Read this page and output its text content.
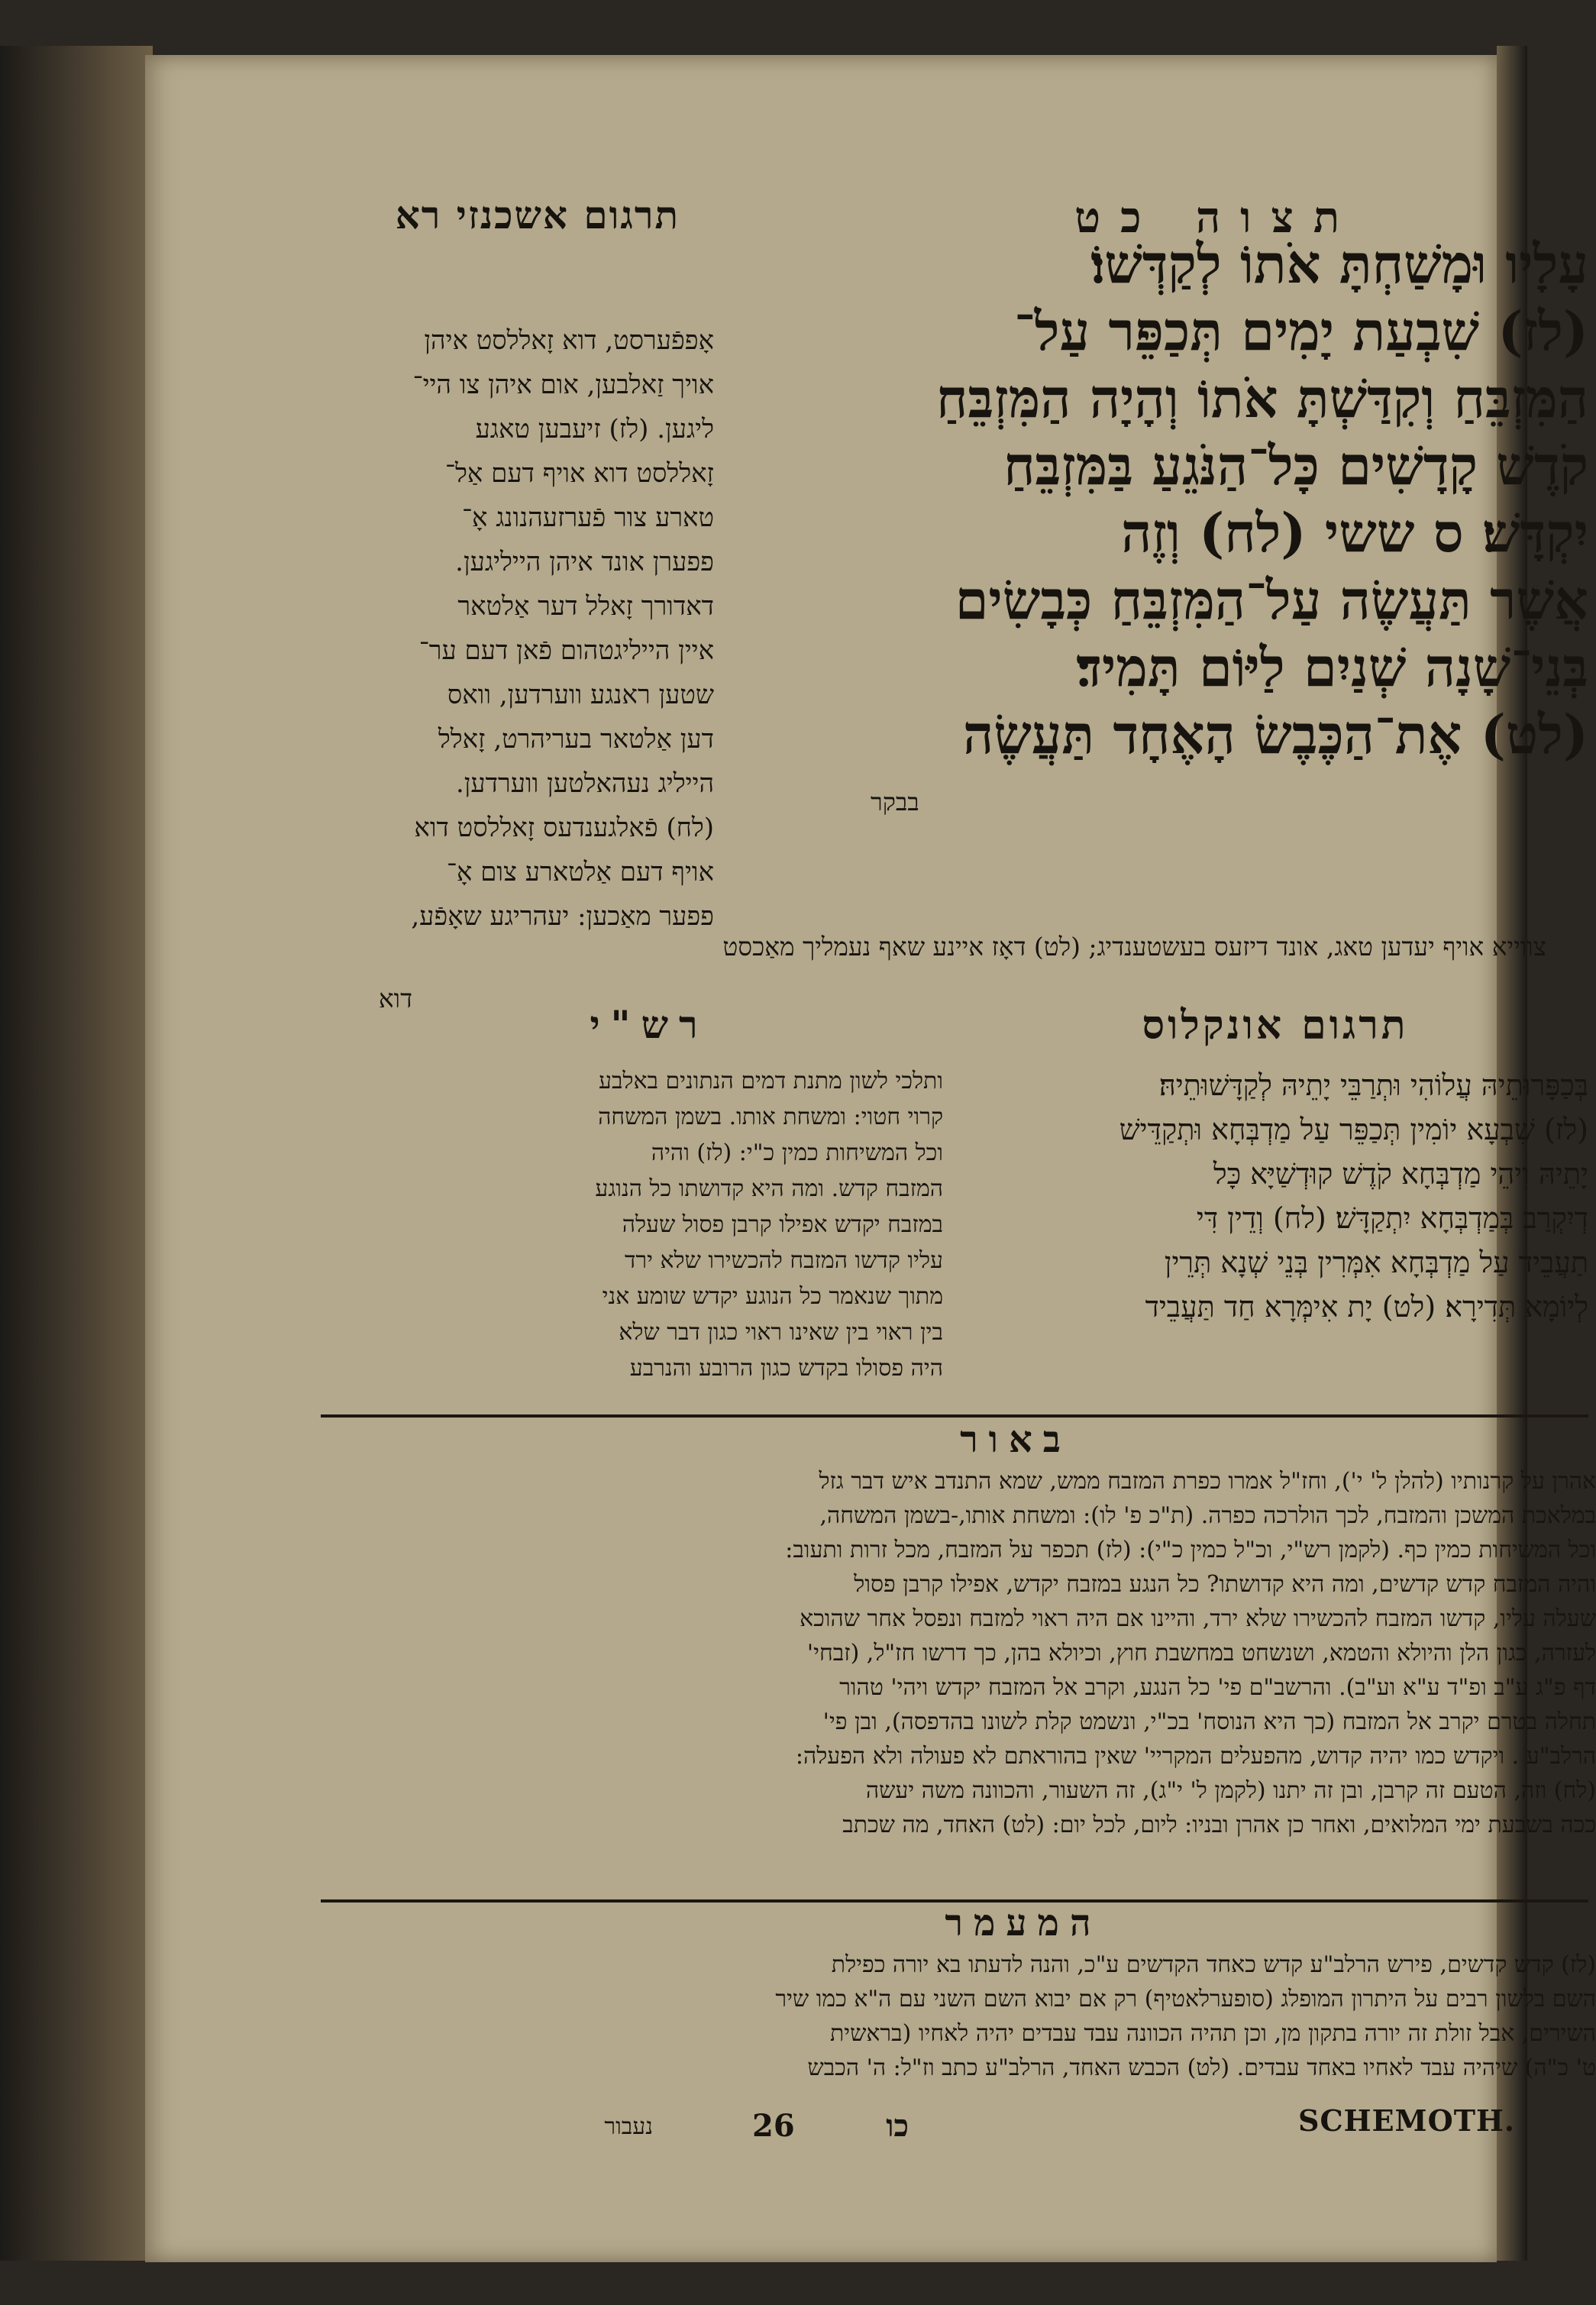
תרגום אשכנזי רא	תצוה כט
עָלָיו וּמָשַׁחְתָּ אֹתוֹ לְקַדְּשׁוֹ׃
(לז) שִׁבְעַת יָמִים תְּכַפֵּר עַל־
הַמִּזְבֵּחַ וְקִדַּשְׁתָּ אֹתוֹ וְהָיָה הַמִּזְבֵּחַ
קֹדֶשׁ קָדָשִׁים כָּל־הַנֹּגֵעַ בַּמִּזְבֵּחַ
יִקְדָּשׁ׃ ס ששי (לח) וְזֶה
אֲשֶׁר תַּעֲשֶׂה עַל־הַמִּזְבֵּחַ כְּבָשִׂים
בְּנֵי־שָׁנָה שְׁנַיִם לַיּוֹם תָּמִיד׃
(לט) אֶת־הַכֶּבֶשׂ הָאֶחָד תַּעֲשֶׂה
בבקר
אָפפֿערסט, דוא זָאללסט איהן
אויך זַאלבען, אום איהן צו היי־
ליגען. (לז) זיעבען טאגע
זָאללסט דוא אויף דעם אַל־
טארע צור פֿערזעהנונג אָ־
פפערן אונד איהן הייליגען.
דאדורך זָאלל דער אַלטאר
איין הייליגטהום פֿאן דעם ער־
שטען ראנגע ווערדען, וואס
דען אַלטאר בעריהרט, זָאלל
הייליג נעהאלטען ווערדען.
(לח) פֿאלגענדעס זָאללסט דוא
אויף דעם אַלטארע צום אָ־
פפער מאַכען: יעהריגע שאָפֿע,
צווייא אויף יעדען טאג, אונד דיזעס בעשטענדיג; (לט) דאָז איינע שאף נעמליך מאַכסט
דוא
רש"י	תרגום אונקלוס
ותלכי לשון מתנת דמים הנתונים באלבע
קרוי חטוי: ומשחת אותו. בשמן המשחה
וכל המשיחות כמין כ"י: (לז) והיה
המזבח קדש. ומה היא קדושתו כל הנוגע
במזבח יקדש אפילו קרבן פסול שעלה
עליו קדשו המזבח להכשירו שלא ירד
מתוך שנאמר כל הנוגע יקדש שומע אני
בין ראוי בין שאינו ראוי כגון דבר שלא
היה פסולו בקדש כגון הרובע והנרבע
בְּכַפָּרוּתֵיהּ עֲלוֹהִי וּתְרַבֵּי יָתֵיהּ לְקַדָּשׁוּתֵיהּ׃
(לז) שִׁבְעָא יוֹמִין תְּכַפֵּר עַל מַדְבְּחָא וּתְקַדֵּישׁ
יָתֵיהּ וִיהֵי מַדְבְּחָא קֹדֶשׁ קוּדְשַׁיָּא כָּל
דְיִקְרַב בְּמַדְבְּחָא יִתְקַדָּשׁ׃ (לח) וְדֵין דִּי
תַעֲבֵיד עַל מַדְבְּחָא אִמְּרִין בְּנֵי שְׁנָא תְּרֵין
לְיוֹמָא תְּדִירָא׃ (לט) יָת אִימְּרָא חַד תַּעֲבֵיד
באור
אהרן על קרנותיו (להלן ל' י'), וחז"ל אמרו כפרת המזבח ממש, שמא התנדב איש דבר גזל
במלאכת המשכן והמזבח, לכך הולרכה כפרה. (ת"כ פ' לו): ומשחת אותו,-בשמן המשחה,
וכל המשיחות כמין כף. (לקמן רש"י, וכ"ל כמין כ"י): (לז) תכפר על המזבח, מכל זרות ותעוב:
והיה המזבח קדש קדשים, ומה היא קדושתו? כל הנגע במזבח יקדש, אפילו קרבן פסול
שעלה עליו, קדשו המזבח להכשירו שלא ירד, והיינו אם היה ראוי למזבח ונפסל אחר שהוכא
לעזרה, כגון הלן והיולא והטמא, ושנשחט במחשבת חוץ, וכיולא בהן, כך דרשו חז"ל, (זבחי'
דף פ"ג ע"ב ופ"ד ע"א וע"ב). והרשב"ם פי' כל הנגע, וקרב אל המזבח יקדש ויהי' טהור
תחלה בטרם יקרב אל המזבח (כך היא הנוסח' בכ"י, ונשמט קלת לשונו בהדפסה), ובן פי'
הרלב"ע . ויקדש כמו יהיה קדוש, מהפעלים המקריי' שאין בהוראתם לא פעולה ולא הפעלה:
(לח) וזה, הטעם זה קרבן, ובן זה יתנו (לקמן ל' י"ג), זה השעור, והכוונה משה יעשה
ככה בשבעת ימי המלואים, ואחר כן אהרן ובניו: ליום, לכל יום: (לט) האחד, מה שכתב
המעמר
(לז) קדש קדשים, פירש הרלב"ע קדש כאחד הקדשים ע"כ, והנה לדעתו בא יורה כפילת
השם בלשון רבים על היתרון המופלג (סופערלאטיף) רק אם יבוא השם השני עם ה"א כמו שיר
השירים, אבל זולת זה יורה בתקון מן, וכן תהיה הכוונה עבד עבדים יהיה לאחיו (בראשית
ט' כ"ה) שיהיה עבד לאחיו באחד עבדים. (לט) הכבש האחד, הרלב"ע כתב וז"ל: ה' הכבש
נעבור	26	כו	SCHEMOTH.
